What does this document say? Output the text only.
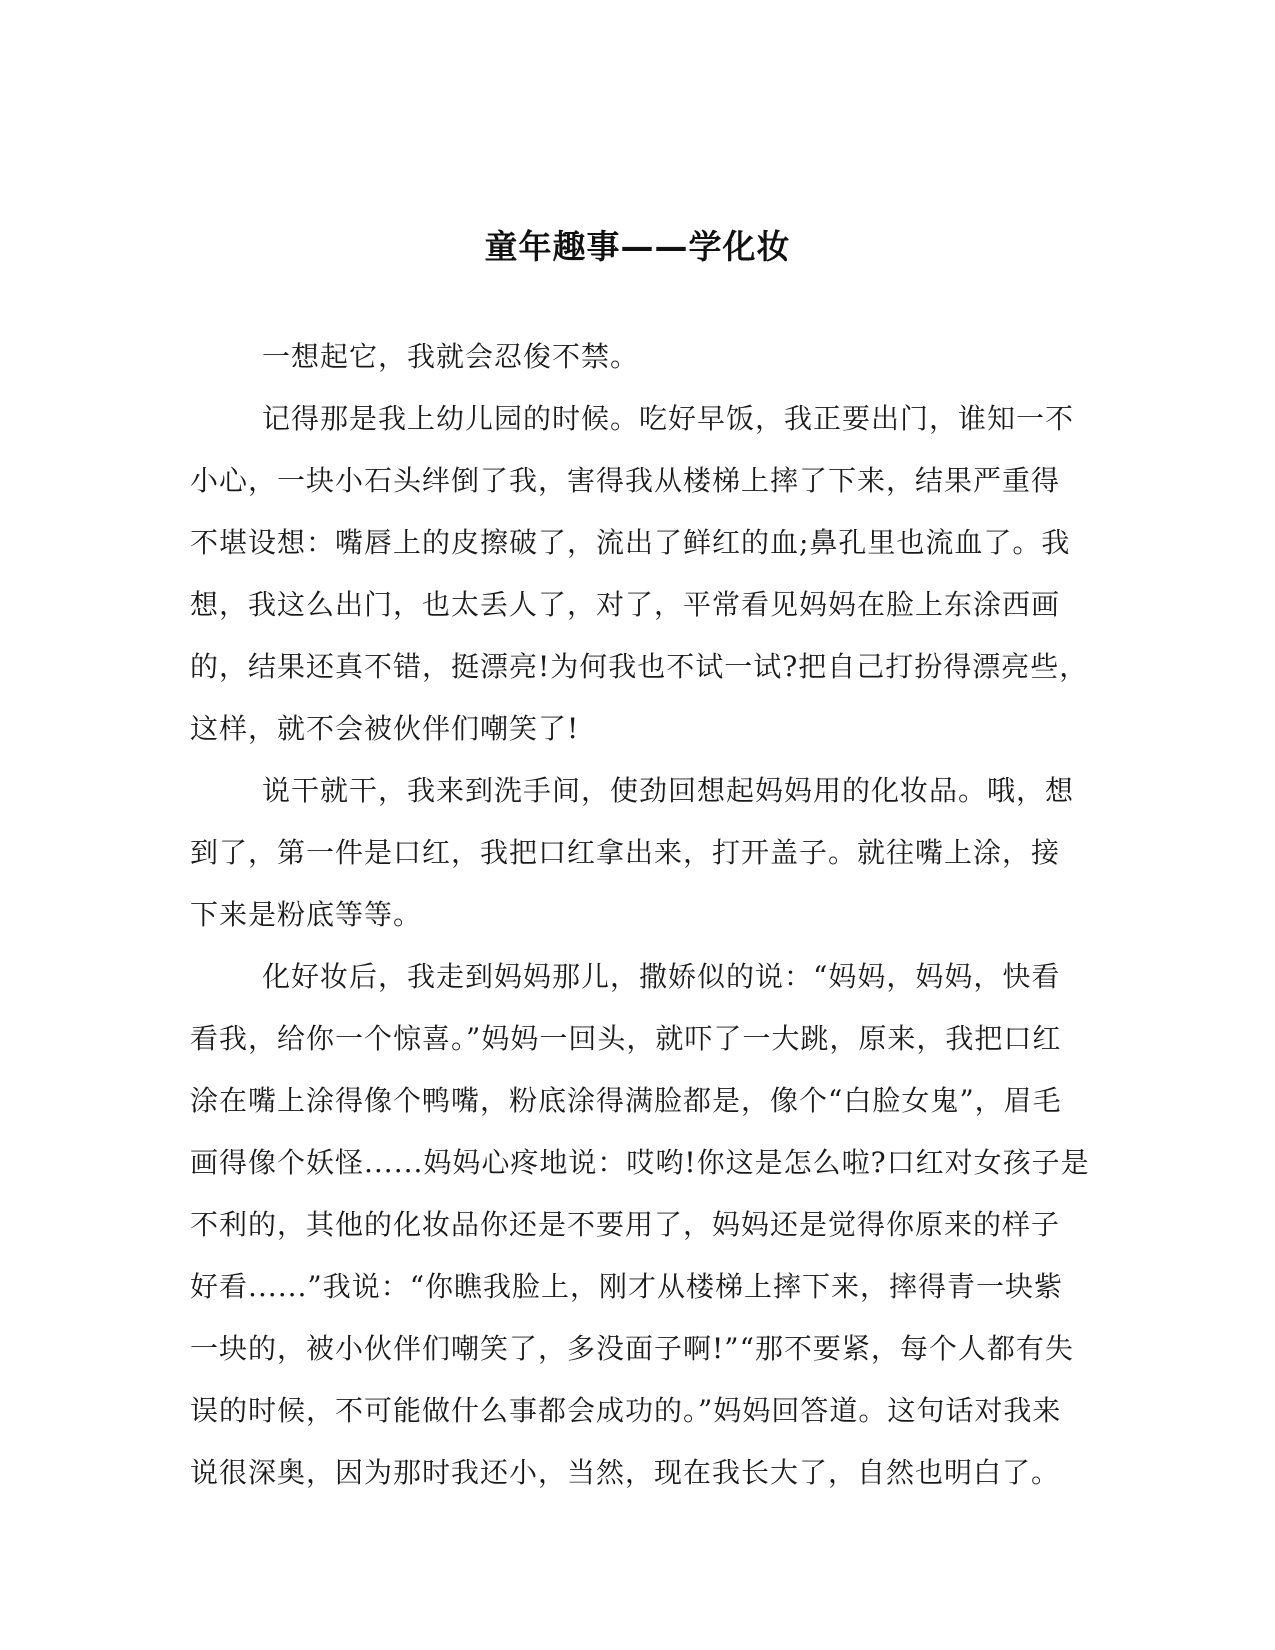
童年趣事——学化妆

一想起它，我就会忍俊不禁。

记得那是我上幼儿园的时候。吃好早饭，我正要出门，谁知一不
小心，一块小石头绊倒了我，害得我从楼梯上摔了下来，结果严重得
不堪设想：嘴唇上的皮擦破了，流出了鲜红的血;鼻孔里也流血了。我
想，我这么出门，也太丢人了，对了，平常看见妈妈在脸上东涂西画
的，结果还真不错，挺漂亮!为何我也不试一试?把自己打扮得漂亮些，
这样，就不会被伙伴们嘲笑了!

说干就干，我来到洗手间，使劲回想起妈妈用的化妆品。哦，想
到了，第一件是口红，我把口红拿出来，打开盖子。就往嘴上涂，接
下来是粉底等等。

化好妆后，我走到妈妈那儿，撒娇似的说：“妈妈，妈妈，快看
看我，给你一个惊喜。”妈妈一回头，就吓了一大跳，原来，我把口红
涂在嘴上涂得像个鸭嘴，粉底涂得满脸都是，像个“白脸女鬼”，眉毛
画得像个妖怪......妈妈心疼地说：哎哟!你这是怎么啦?口红对女孩子是
不利的，其他的化妆品你还是不要用了，妈妈还是觉得你原来的样子
好看......”我说：“你瞧我脸上，刚才从楼梯上摔下来，摔得青一块紫
一块的，被小伙伴们嘲笑了，多没面子啊!”“那不要紧，每个人都有失
误的时候，不可能做什么事都会成功的。”妈妈回答道。这句话对我来
说很深奥，因为那时我还小，当然，现在我长大了，自然也明白了。
